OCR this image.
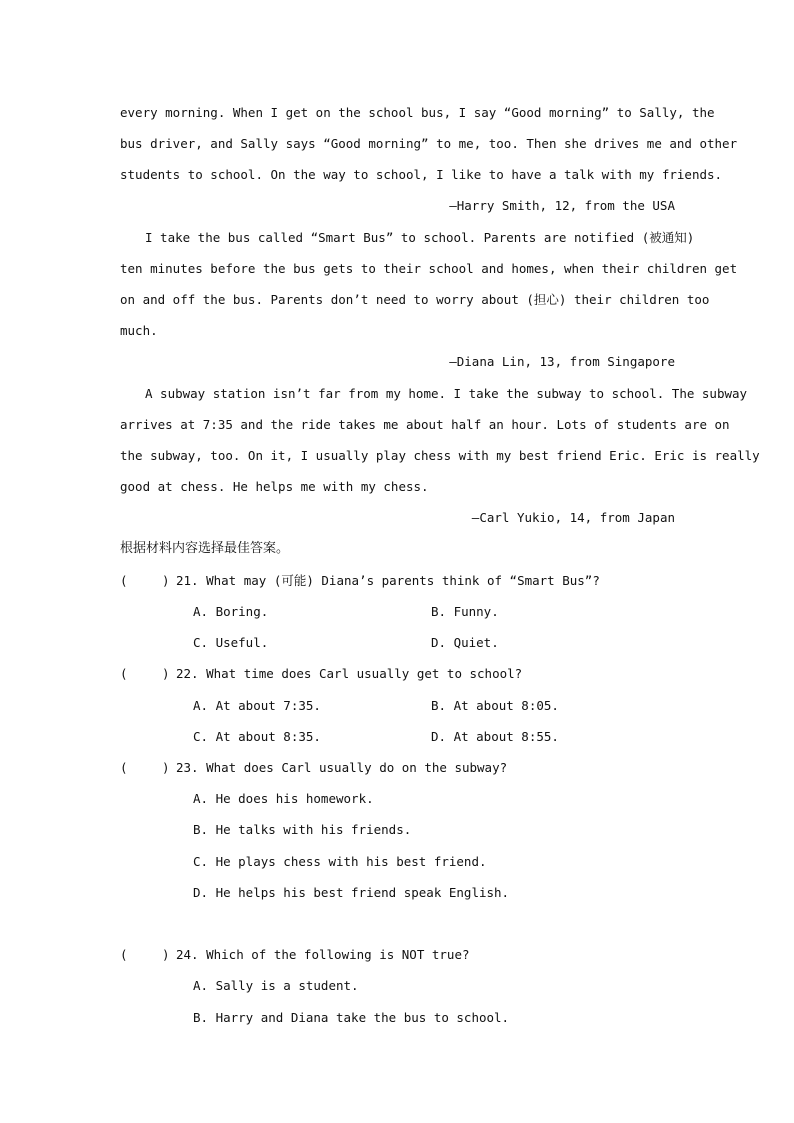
every morning. When I get on the school bus, I say “Good morning” to Sally, the
bus driver, and Sally says “Good morning” to me, too. Then she drives me and other
students to school. On the way to school, I like to have a talk with my friends.
—Harry Smith, 12, from the USA
I take the bus called “Smart Bus” to school. Parents are notified (被通知)
ten minutes before the bus gets to their school and homes, when their children get
on and off the bus. Parents don’t need to worry about (担心) their children too
much.
—Diana Lin, 13, from Singapore
A subway station isn’t far from my home. I take the subway to school. The subway
arrives at 7:35 and the ride takes me about half an hour. Lots of students are on
the subway, too. On it, I usually play chess with my best friend Eric. Eric is really
good at chess. He helps me with my chess.
—Carl Yukio, 14, from Japan
根据材料内容选择最佳答案。
(	) 21. What may (可能) Diana’s parents think of “Smart Bus”?
A. Boring.	B. Funny.
C. Useful.	D. Quiet.
(	) 22. What time does Carl usually get to school?
A. At about 7:35.	B. At about 8:05.
C. At about 8:35.	D. At about 8:55.
(	) 23. What does Carl usually do on the subway?
A. He does his homework.
B. He talks with his friends.
C. He plays chess with his best friend.
D. He helps his best friend speak English.
(	) 24. Which of the following is NOT true?
A. Sally is a student.
B. Harry and Diana take the bus to school.
